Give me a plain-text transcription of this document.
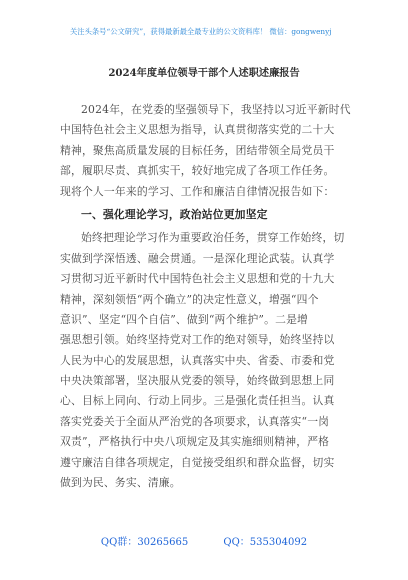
关注头条号“公文研究”，获得最新最全最专业的公文资料库！ 微信：gongwenyj
2024年度单位领导干部个人述职述廉报告
2024年，在党委的坚强领导下，我坚持以习近平新时代
中国特色社会主义思想为指导，认真贯彻落实党的二十大
精神，聚焦高质量发展的目标任务，团结带领全局党员干
部，履职尽责、真抓实干，较好地完成了各项工作任务。
现将个人一年来的学习、工作和廉洁自律情况报告如下：
一、强化理论学习，政治站位更加坚定
始终把理论学习作为重要政治任务，贯穿工作始终，切
实做到学深悟透、融会贯通。一是深化理论武装。认真学
习贯彻习近平新时代中国特色社会主义思想和党的十九大
精神，深刻领悟“两个确立”的决定性意义，增强“四个
意识”、坚定“四个自信”、做到“两个维护”。二是增
强思想引领。始终坚持党对工作的绝对领导，始终坚持以
人民为中心的发展思想，认真落实中央、省委、市委和党
中央决策部署，坚决服从党委的领导，始终做到思想上同
心、目标上同向、行动上同步。三是强化责任担当。认真
落实党委关于全面从严治党的各项要求，认真落实“一岗
双责”，严格执行中央八项规定及其实施细则精神，严格
遵守廉洁自律各项规定，自觉接受组织和群众监督，切实
做到为民、务实、清廉。
QQ群：30265665	QQ：535304092
